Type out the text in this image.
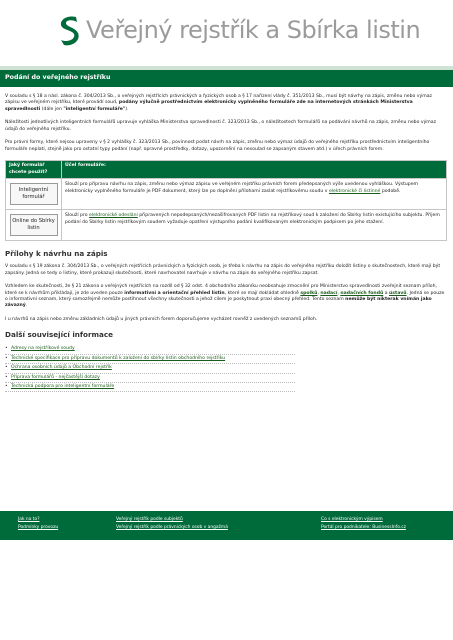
Veřejný rejstřík a Sbírka listin
Podání do veřejného rejstříku

V souladu s § 18 a násl. zákona č. 304/2013 Sb., o veřejných rejstřících právnických a fyzických osob a § 17 nařízení vlády č. 351/2013 Sb., musí být návrhy na zápis, změnu nebo výmaz zápisu ve veřejném rejstříku, které provádí soud, podány výlučně prostřednictvím elektronicky vyplněného formuláře zde na internetových stránkách Ministerstva spravedlnosti (dále jen "inteligentní formuláře").

Náležitosti jednotlivých inteligentních formulářů upravuje vyhláška Ministerstva spravedlnosti č. 323/2013 Sb., o náležitostech formulářů na podávání návrhů na zápis, změnu nebo výmaz údajů do veřejného rejstříku.

Pro právní formy, které nejsou upraveny v § 2 vyhlášky č. 323/2013 Sb., povinnost podat návrh na zápis, změnu nebo výmaz údajů do veřejného rejstříku prostřednictvím inteligentního formuláře neplatí, stejně jako pro ostatní typy podání (např. opravné prostředky, dotazy, upozornění na nesoulad se zapsaným stavem atd.) v úřech právních forem.

Jaký formulář chcete použít?	Účel formuláře:

Inteligentní formulář	Slouží pro přípravu návrhu na zápis, změnu nebo výmaz zápisu ve veřejném rejstříku právních forem předepsaných výše uvedenou vyhláškou. Výstupem elektronicky vyplněného formuláře je PDF dokument, který lze po doplnění přílohami zaslat rejstříkovému soudu v elektronické či listinné podobě.

Online do Sbírky listin	Slouží pro elektronické odeslání připravených nepodepsaných/nezašifrovaných PDF listin na rejstříkový soud k založení do Sbírky listin existujícího subjektu. Příjem podání do Sbírky listin rejstříkovým soudem vyžaduje opatření výstupního podání kvalifikovaným elektronickým podpisem po jeho stažení.
Přílohy k návrhu na zápis

V souladu s § 19 zákona č. 304/2013 Sb., o veřejných rejstřících právnických a fyzických osob, je třeba k návrhu na zápis do veřejného rejstříku doložit listiny o skutečnostech, které mají být zapsány. Jedná se tedy o listiny, které prokazují skutečnosti, které navrhovatel navrhuje v návrhu na zápis do veřejného rejstříku zapsat.

Vzhledem ke skutečnosti, že § 21 zákona o veřejných rejstřících na rozdíl od § 32 odst. 4 obchodního zákoníku neobsahuje zmocnění pro Ministerstvo spravedlnosti zveřejnit seznam příloh, které se k návrhům přikládají, je zde uveden pouze informativní a orientační přehled listin, které se mají dokládat ohledně spolků, nadací, nadačních fondů a ústavů. Jedná se pouze o informativní seznam, který samozřejmě nemůže postihnout všechny skutečnosti a jehož cílem je poskytnout praxi obecný přehled. Tento seznam nemůže být nikterak vnímán jako závazný.

I u návrhů na zápis nebo změnu základních údajů u jiných právních forem doporučujeme vycházet rovněž z uvedených seznamů příloh.

Další související informace
• Adresy na rejstříkové soudy
• Technické specifikace pro přípravu dokumentů k založení do sbírky listin obchodního rejstříku
• Ochrana osobních údajů a Obchodní rejstřík
• Příprava formulářů - nejčastější dotazy
• Technická podpora pro inteligentní formuláře
Jak na to?
Podmínky provozu
Veřejný rejstřík podle subjektů
Veřejný rejstřík podle právnických osob v angažmá
Co s elektronickým výpisem
Portál pro podnikatele: BusinessInfo.cz
